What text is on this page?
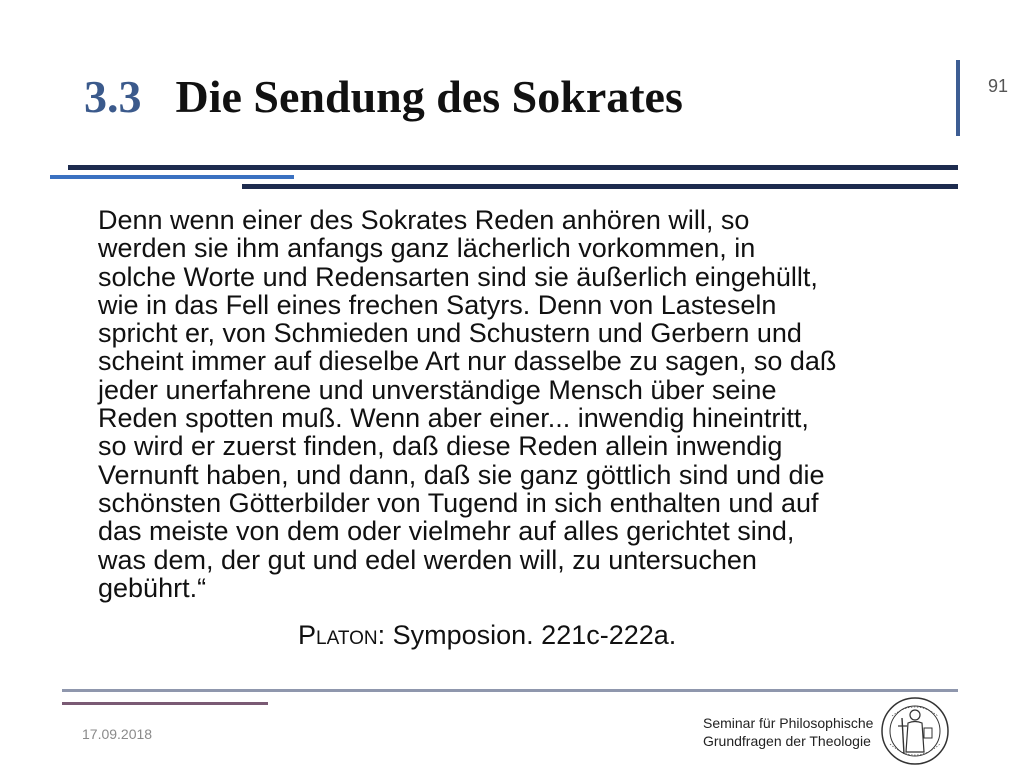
3.3 Die Sendung des Sokrates	91
Denn wenn einer des Sokrates Reden anhören will, so
werden sie ihm anfangs ganz lächerlich vorkommen, in
solche Worte und Redensarten sind sie äußerlich eingehüllt,
wie in das Fell eines frechen Satyrs. Denn von Lasteseln
spricht er, von Schmieden und Schustern und Gerbern und
scheint immer auf dieselbe Art nur dasselbe zu sagen, so daß
jeder unerfahrene und unverständige Mensch über seine
Reden spotten muß. Wenn aber einer... inwendig hineintritt,
so wird er zuerst finden, daß diese Reden allein inwendig
Vernunft haben, und dann, daß sie ganz göttlich sind und die
schönsten Götterbilder von Tugend in sich enthalten und auf
das meiste von dem oder vielmehr auf alles gerichtet sind,
was dem, der gut und edel werden will, zu untersuchen
gebührt.“
Platon: Symposion. 221c-222a.
17.09.2018
Seminar für Philosophische
Grundfragen der Theologie
